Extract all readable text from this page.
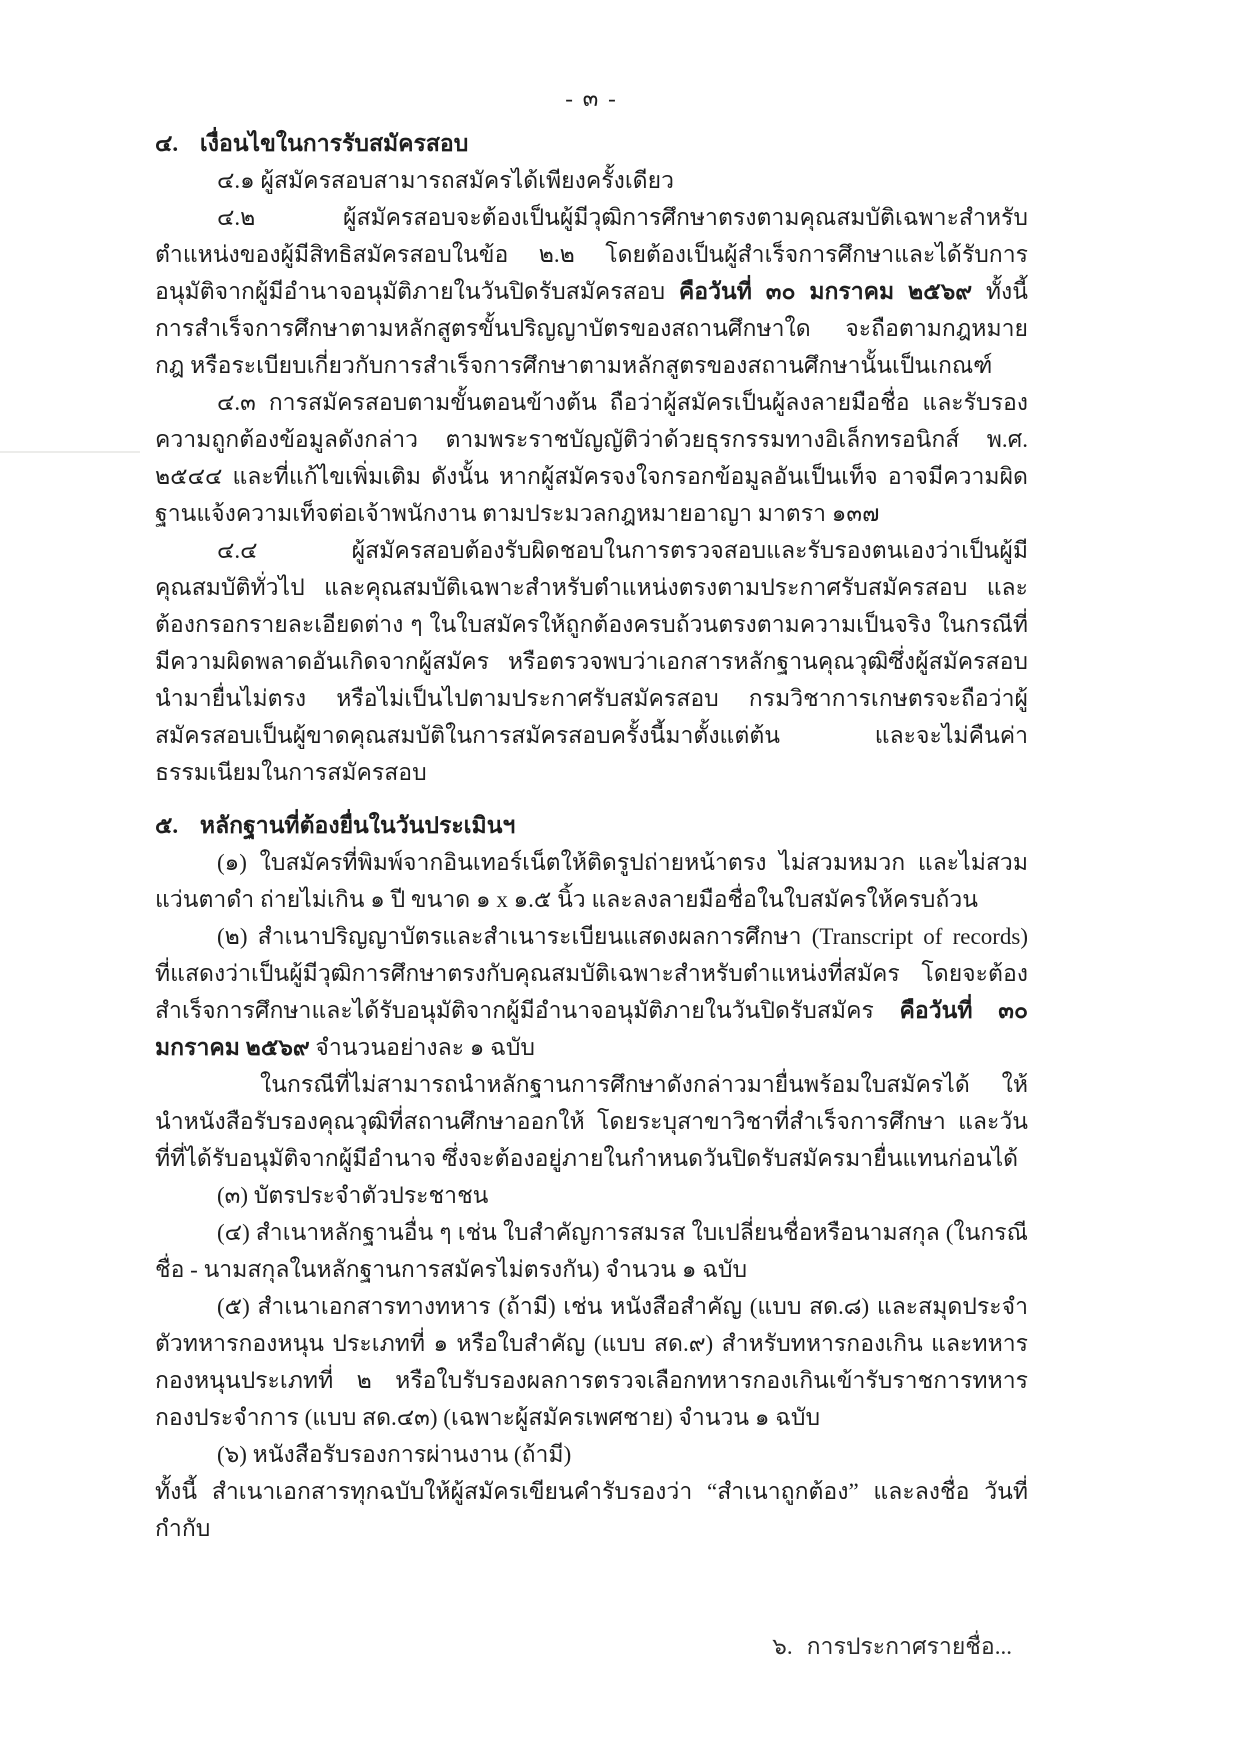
- ๓ -
๔. เงื่อนไขในการรับสมัครสอบ

๔.๑ ผู้สมัครสอบสามารถสมัครได้เพียงครั้งเดียว

๔.๒ ผู้สมัครสอบจะต้องเป็นผู้มีวุฒิการศึกษาตรงตามคุณสมบัติเฉพาะสำหรับตำแหน่งของผู้มีสิทธิสมัครสอบในข้อ ๒.๒ โดยต้องเป็นผู้สำเร็จการศึกษาและได้รับการอนุมัติจากผู้มีอำนาจอนุมัติภายในวันปิดรับสมัครสอบ คือวันที่ ๓๐ มกราคม ๒๕๖๙ ทั้งนี้ การสำเร็จการศึกษาตามหลักสูตรขั้นปริญญาบัตรของสถานศึกษาใด จะถือตามกฎหมาย กฎ หรือระเบียบเกี่ยวกับการสำเร็จการศึกษาตามหลักสูตรของสถานศึกษานั้นเป็นเกณฑ์

๔.๓ การสมัครสอบตามขั้นตอนข้างต้น ถือว่าผู้สมัครเป็นผู้ลงลายมือชื่อ และรับรองความถูกต้องข้อมูลดังกล่าว ตามพระราชบัญญัติว่าด้วยธุรกรรมทางอิเล็กทรอนิกส์ พ.ศ. ๒๕๔๔ และที่แก้ไขเพิ่มเติม ดังนั้น หากผู้สมัครจงใจกรอกข้อมูลอันเป็นเท็จ อาจมีความผิดฐานแจ้งความเท็จต่อเจ้าพนักงาน ตามประมวลกฎหมายอาญา มาตรา ๑๓๗

๔.๔ ผู้สมัครสอบต้องรับผิดชอบในการตรวจสอบและรับรองตนเองว่าเป็นผู้มีคุณสมบัติทั่วไป และคุณสมบัติเฉพาะสำหรับตำแหน่งตรงตามประกาศรับสมัครสอบ และต้องกรอกรายละเอียดต่าง ๆ ในใบสมัครให้ถูกต้องครบถ้วนตรงตามความเป็นจริง ในกรณีที่มีความผิดพลาดอันเกิดจากผู้สมัคร หรือตรวจพบว่าเอกสารหลักฐานคุณวุฒิซึ่งผู้สมัครสอบนำมายื่นไม่ตรง หรือไม่เป็นไปตามประกาศรับสมัครสอบ กรมวิชาการเกษตรจะถือว่าผู้สมัครสอบเป็นผู้ขาดคุณสมบัติในการสมัครสอบครั้งนี้มาตั้งแต่ต้น และจะไม่คืนค่าธรรมเนียมในการสมัครสอบ

๕. หลักฐานที่ต้องยื่นในวันประเมินฯ

(๑) ใบสมัครที่พิมพ์จากอินเทอร์เน็ตให้ติดรูปถ่ายหน้าตรง ไม่สวมหมวก และไม่สวมแว่นตาดำ ถ่ายไม่เกิน ๑ ปี ขนาด ๑ x ๑.๕ นิ้ว และลงลายมือชื่อในใบสมัครให้ครบถ้วน

(๒) สำเนาปริญญาบัตรและสำเนาระเบียนแสดงผลการศึกษา (Transcript of records) ที่แสดงว่าเป็นผู้มีวุฒิการศึกษาตรงกับคุณสมบัติเฉพาะสำหรับตำแหน่งที่สมัคร โดยจะต้องสำเร็จการศึกษาและได้รับอนุมัติจากผู้มีอำนาจอนุมัติภายในวันปิดรับสมัคร คือวันที่ ๓๐ มกราคม ๒๕๖๙ จำนวนอย่างละ ๑ ฉบับ

ในกรณีที่ไม่สามารถนำหลักฐานการศึกษาดังกล่าวมายื่นพร้อมใบสมัครได้ ให้นำหนังสือรับรองคุณวุฒิที่สถานศึกษาออกให้ โดยระบุสาขาวิชาที่สำเร็จการศึกษา และวันที่ที่ได้รับอนุมัติจากผู้มีอำนาจ ซึ่งจะต้องอยู่ภายในกำหนดวันปิดรับสมัครมายื่นแทนก่อนได้

(๓) บัตรประจำตัวประชาชน

(๔) สำเนาหลักฐานอื่น ๆ เช่น ใบสำคัญการสมรส ใบเปลี่ยนชื่อหรือนามสกุล (ในกรณี ชื่อ - นามสกุลในหลักฐานการสมัครไม่ตรงกัน) จำนวน ๑ ฉบับ

(๕) สำเนาเอกสารทางทหาร (ถ้ามี) เช่น หนังสือสำคัญ (แบบ สด.๘) และสมุดประจำตัวทหารกองหนุน ประเภทที่ ๑ หรือใบสำคัญ (แบบ สด.๙) สำหรับทหารกองเกิน และทหารกองหนุนประเภทที่ ๒ หรือใบรับรองผลการตรวจเลือกทหารกองเกินเข้ารับราชการทหารกองประจำการ (แบบ สด.๔๓) (เฉพาะผู้สมัครเพศชาย) จำนวน ๑ ฉบับ

(๖) หนังสือรับรองการผ่านงาน (ถ้ามี)

ทั้งนี้ สำเนาเอกสารทุกฉบับให้ผู้สมัครเขียนคำรับรองว่า “สำเนาถูกต้อง” และลงชื่อ วันที่ กำกับ

๖. การประกาศรายชื่อ...
